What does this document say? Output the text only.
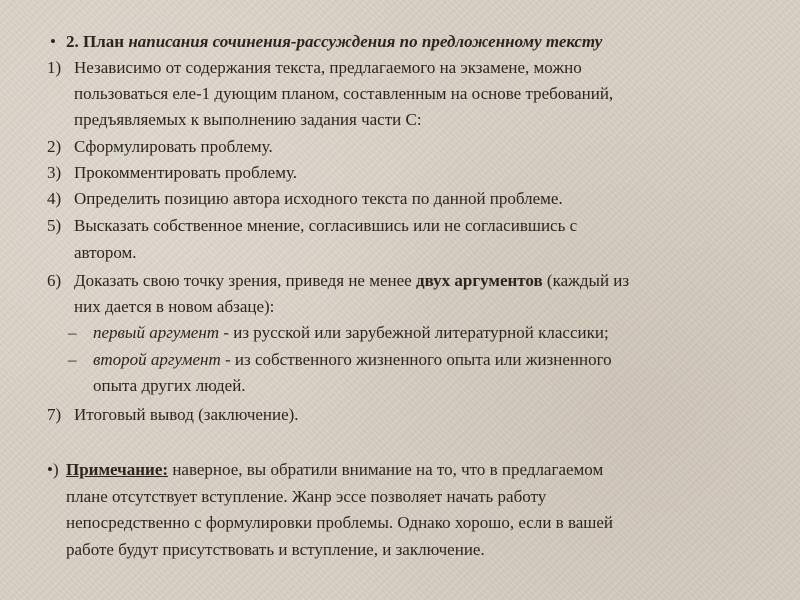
• 2. План написания сочинения-рассуждения по предложенному тексту
1) Независимо от содержания текста, предлагаемого на экзамене, можно
пользоваться еле-1 дующим планом, составленным на основе требований,
предъявляемых к выполнению задания части С:
2) Сформулировать проблему.
3) Прокомментировать проблему.
4) Определить позицию автора исходного текста по данной проблеме.
5) Высказать собственное мнение, согласившись или не согласившись с
автором.
6) Доказать свою точку зрения, приведя не менее двух аргументов (каждый из
них дается в новом абзаце):
– первый аргумент - из русской или зарубежной литературной классики;
– второй аргумент - из собственного жизненного опыта или жизненного
опыта других людей.
7) Итоговый вывод (заключение).
•) Примечание: наверное, вы обратили внимание на то, что в предлагаемом
плане отсутствует вступление. Жанр эссе позволяет начать работу
непосредственно с формулировки проблемы. Однако хорошо, если в вашей
работе будут присутствовать и вступление, и заключение.
